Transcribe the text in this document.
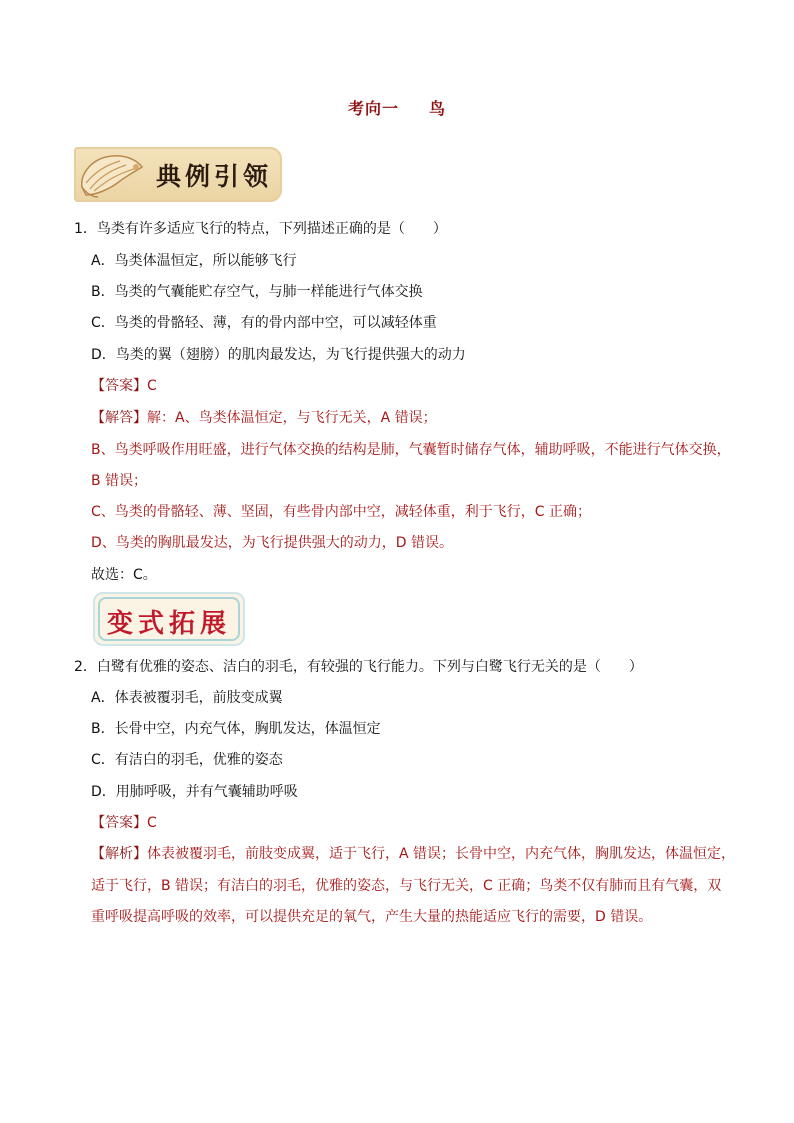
考向一 鸟
典例引领
1．鸟类有许多适应飞行的特点，下列描述正确的是（　　）
A．鸟类体温恒定，所以能够飞行
B．鸟类的气囊能贮存空气，与肺一样能进行气体交换
C．鸟类的骨骼轻、薄，有的骨内部中空，可以减轻体重
D．鸟类的翼（翅膀）的肌肉最发达，为飞行提供强大的动力
【答案】C
【解答】解：A、鸟类体温恒定，与飞行无关，A 错误；
B、鸟类呼吸作用旺盛，进行气体交换的结构是肺，气囊暂时储存气体，辅助呼吸，不能进行气体交换，
B 错误；
C、鸟类的骨骼轻、薄、坚固，有些骨内部中空，减轻体重，利于飞行，C 正确；
D、鸟类的胸肌最发达，为飞行提供强大的动力，D 错误。
故选：C。
变式拓展
2．白鹭有优雅的姿态、洁白的羽毛，有较强的飞行能力。下列与白鹭飞行无关的是（　　）
A．体表被覆羽毛，前肢变成翼
B．长骨中空，内充气体，胸肌发达，体温恒定
C．有洁白的羽毛，优雅的姿态
D．用肺呼吸，并有气囊辅助呼吸
【答案】C
【解析】体表被覆羽毛，前肢变成翼，适于飞行，A 错误；长骨中空，内充气体，胸肌发达，体温恒定，
适于飞行，B 错误；有洁白的羽毛，优雅的姿态，与飞行无关，C 正确；鸟类不仅有肺而且有气囊，双
重呼吸提高呼吸的效率，可以提供充足的氧气，产生大量的热能适应飞行的需要，D 错误。
